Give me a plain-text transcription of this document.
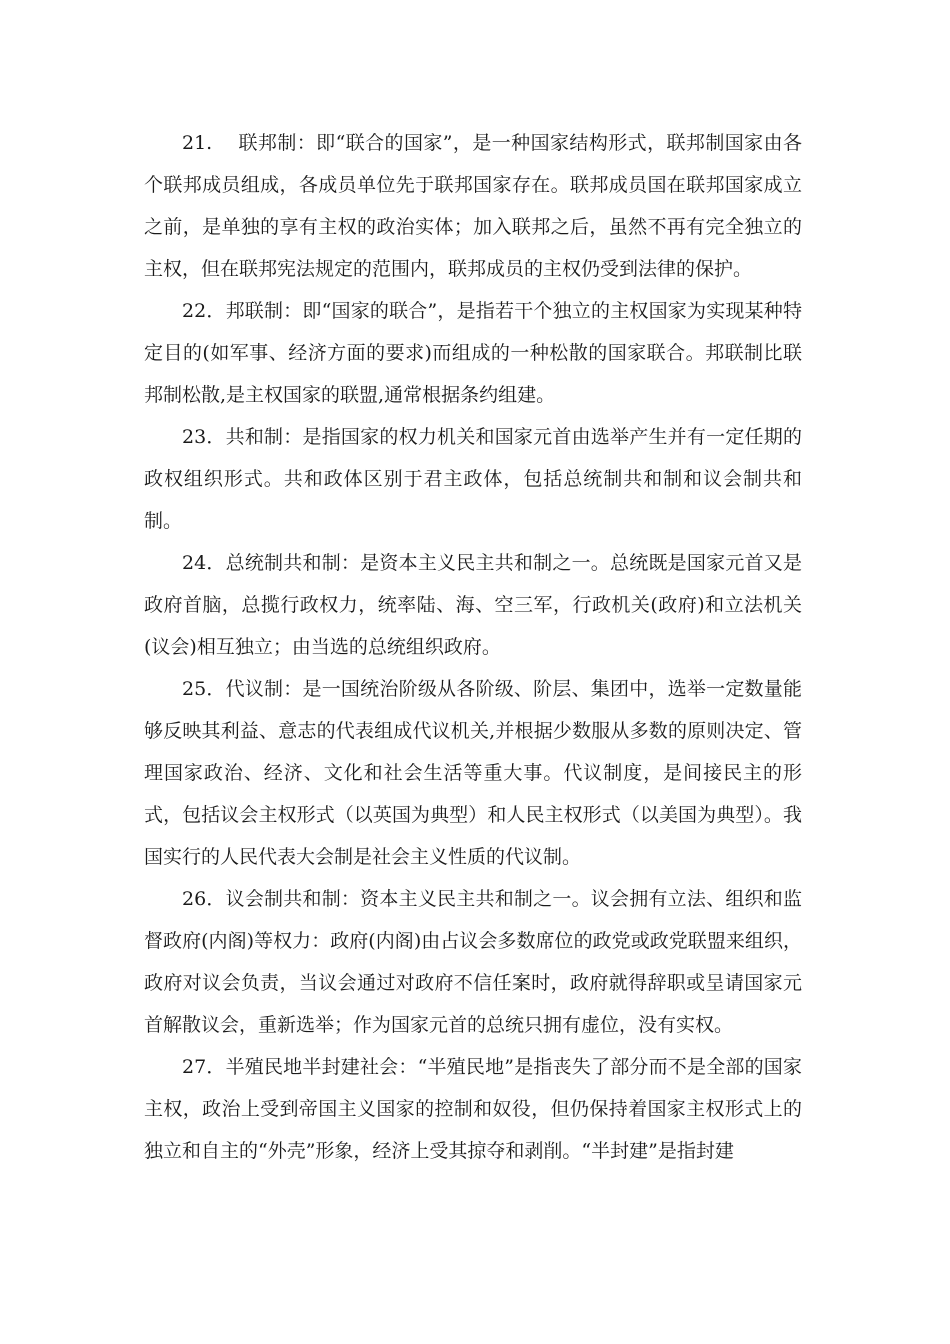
21.　 联邦制：即“联合的国家”，是一种国家结构形式，联邦制国家由各个联邦成员组成，各成员单位先于联邦国家存在。联邦成员国在联邦国家成立之前，是单独的享有主权的政治实体；加入联邦之后，虽然不再有完全独立的主权，但在联邦宪法规定的范围内，联邦成员的主权仍受到法律的保护。

22．邦联制：即“国家的联合”，是指若干个独立的主权国家为实现某种特定目的(如军事、经济方面的要求)而组成的一种松散的国家联合。邦联制比联邦制松散,是主权国家的联盟,通常根据条约组建。

23．共和制：是指国家的权力机关和国家元首由选举产生并有一定任期的政权组织形式。共和政体区别于君主政体，包括总统制共和制和议会制共和制。

24．总统制共和制：是资本主义民主共和制之一。总统既是国家元首又是政府首脑，总揽行政权力，统率陆、海、空三军，行政机关(政府)和立法机关(议会)相互独立；由当选的总统组织政府。

25．代议制：是一国统治阶级从各阶级、阶层、集团中，选举一定数量能够反映其利益、意志的代表组成代议机关,并根据少数服从多数的原则决定、管理国家政治、经济、文化和社会生活等重大事。代议制度，是间接民主的形式，包括议会主权形式（以英国为典型）和人民主权形式（以美国为典型）。我国实行的人民代表大会制是社会主义性质的代议制。

26．议会制共和制：资本主义民主共和制之一。议会拥有立法、组织和监督政府(内阁)等权力：政府(内阁)由占议会多数席位的政党或政党联盟来组织，政府对议会负责，当议会通过对政府不信任案时，政府就得辞职或呈请国家元首解散议会，重新选举；作为国家元首的总统只拥有虚位，没有实权。

27．半殖民地半封建社会：“半殖民地”是指丧失了部分而不是全部的国家主权，政治上受到帝国主义国家的控制和奴役，但仍保持着国家主权形式上的独立和自主的“外壳”形象，经济上受其掠夺和剥削。“半封建”是指封建
